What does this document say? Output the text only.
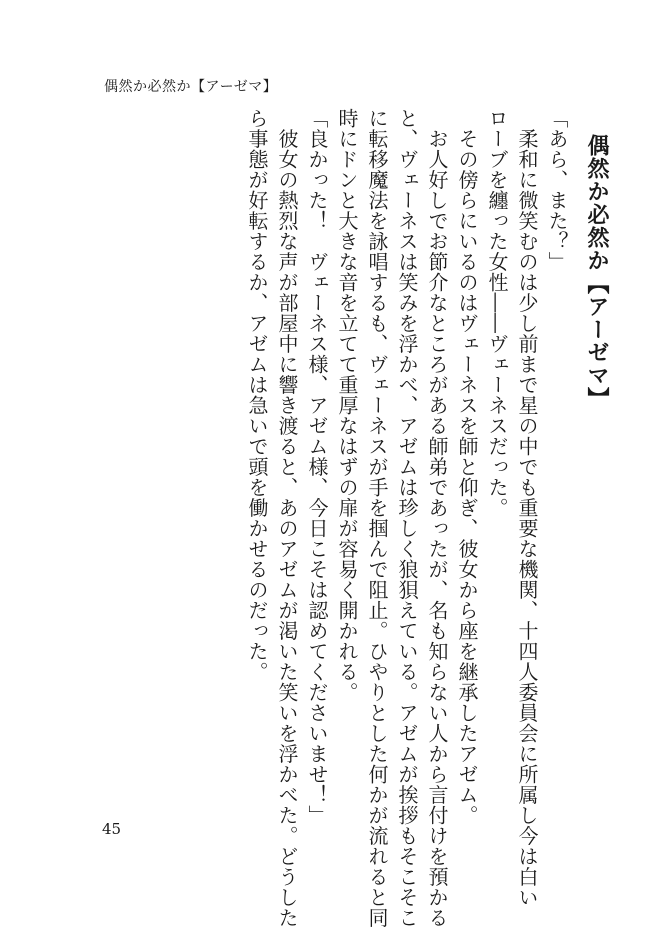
偶然か必然か【アーゼマ】
偶然か必然か【アーゼマ】
「あら、また？」
　柔和に微笑むのは少し前まで星の中でも重要な機関、十四人委員会に所属し今は白い
ローブを纏った女性――ヴェーネスだった。
　その傍らにいるのはヴェーネスを師と仰ぎ、彼女から座を継承したアゼム。
　お人好しでお節介なところがある師弟であったが、名も知らない人から言付けを預かる
と、ヴェーネスは笑みを浮かべ、アゼムは珍しく狼狽えている。アゼムが挨拶もそこそこ
に転移魔法を詠唱するも、ヴェーネスが手を掴んで阻止。ひやりとした何かが流れると同
時にドンと大きな音を立てて重厚なはずの扉が容易く開かれる。
「良かった！　ヴェーネス様、アゼム様、今日こそは認めてくださいませ！」
　彼女の熱烈な声が部屋中に響き渡ると、あのアゼムが渇いた笑いを浮かべた。どうした
ら事態が好転するか、アゼムは急いで頭を働かせるのだった。
45
